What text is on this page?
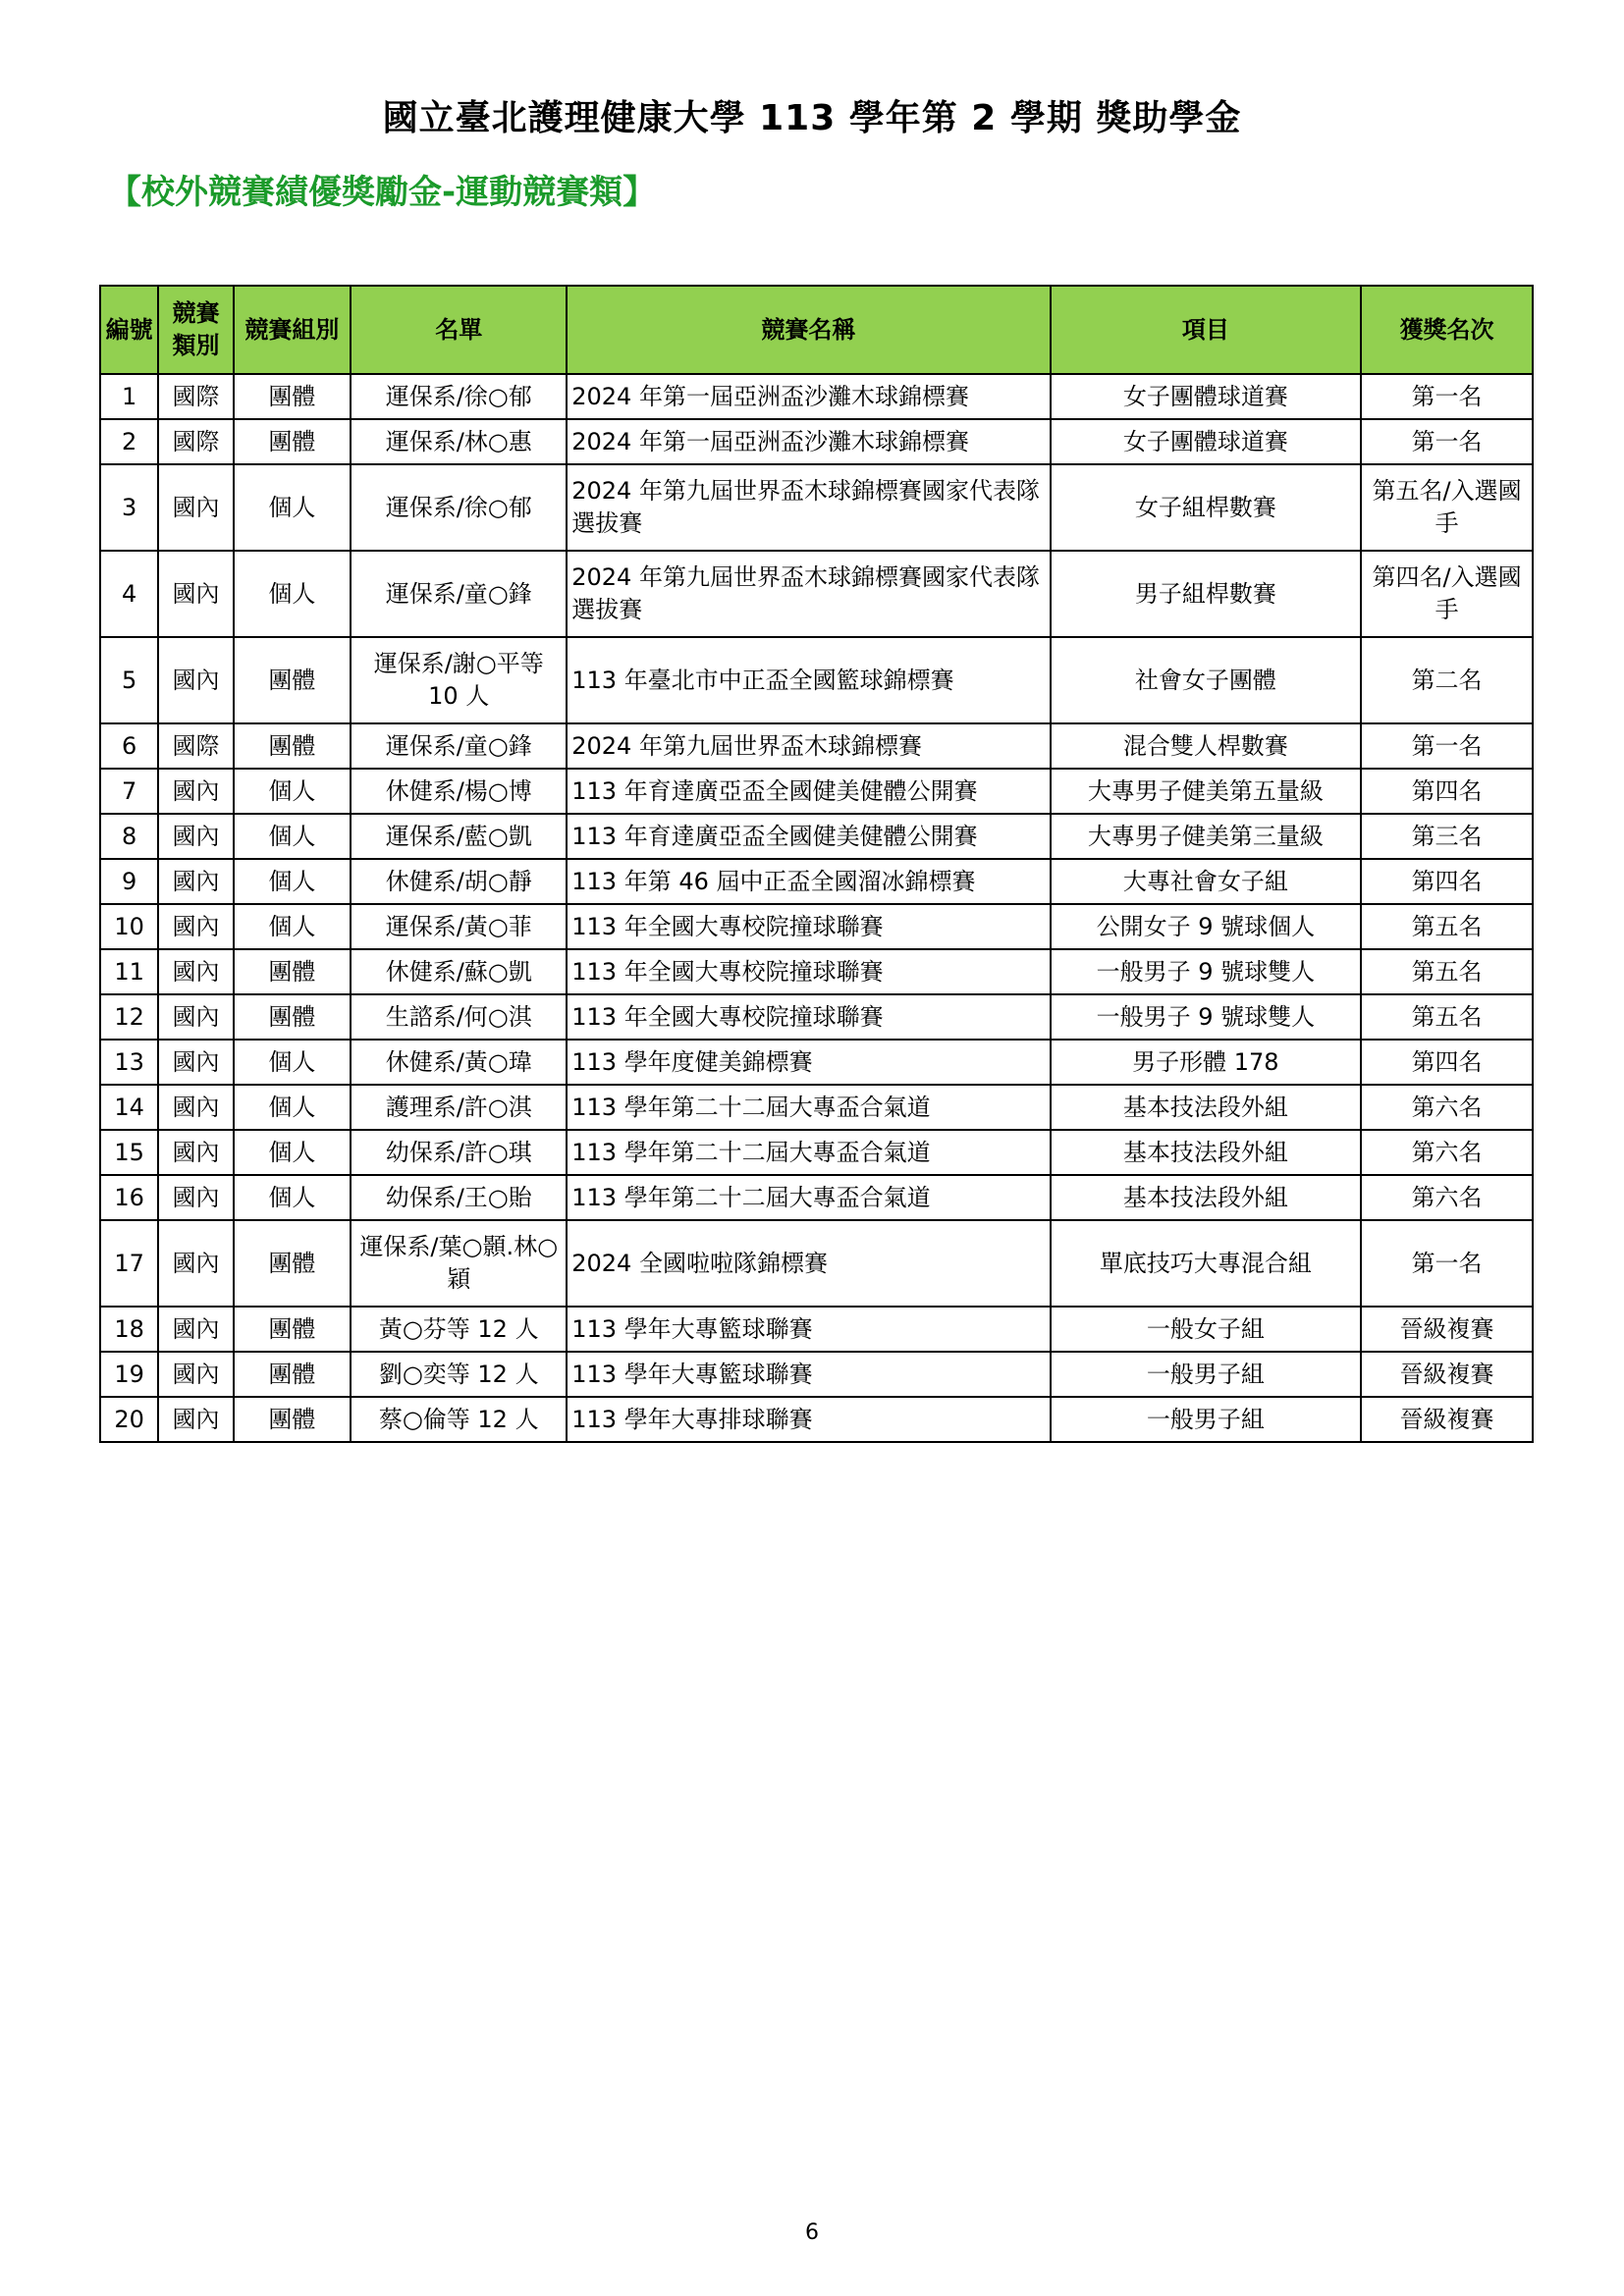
國立臺北護理健康大學 113 學年第 2 學期 獎助學金
【校外競賽績優獎勵金-運動競賽類】
編號	競賽類別	競賽組別	名單	競賽名稱	項目	獲獎名次
1	國際	團體	運保系/徐○郁	2024 年第一屆亞洲盃沙灘木球錦標賽	女子團體球道賽	第一名
2	國際	團體	運保系/林○惠	2024 年第一屆亞洲盃沙灘木球錦標賽	女子團體球道賽	第一名
3	國內	個人	運保系/徐○郁	2024 年第九屆世界盃木球錦標賽國家代表隊選拔賽	女子組桿數賽	第五名/入選國手
4	國內	個人	運保系/童○鋒	2024 年第九屆世界盃木球錦標賽國家代表隊選拔賽	男子組桿數賽	第四名/入選國手
5	國內	團體	運保系/謝○平等 10 人	113 年臺北市中正盃全國籃球錦標賽	社會女子團體	第二名
6	國際	團體	運保系/童○鋒	2024 年第九屆世界盃木球錦標賽	混合雙人桿數賽	第一名
7	國內	個人	休健系/楊○博	113 年育達廣亞盃全國健美健體公開賽	大專男子健美第五量級	第四名
8	國內	個人	運保系/藍○凱	113 年育達廣亞盃全國健美健體公開賽	大專男子健美第三量級	第三名
9	國內	個人	休健系/胡○靜	113 年第 46 屆中正盃全國溜冰錦標賽	大專社會女子組	第四名
10	國內	個人	運保系/黃○菲	113 年全國大專校院撞球聯賽	公開女子 9 號球個人	第五名
11	國內	團體	休健系/蘇○凱	113 年全國大專校院撞球聯賽	一般男子 9 號球雙人	第五名
12	國內	團體	生諮系/何○淇	113 年全國大專校院撞球聯賽	一般男子 9 號球雙人	第五名
13	國內	個人	休健系/黃○瑋	113 學年度健美錦標賽	男子形體 178	第四名
14	國內	個人	護理系/許○淇	113 學年第二十二屆大專盃合氣道	基本技法段外組	第六名
15	國內	個人	幼保系/許○琪	113 學年第二十二屆大專盃合氣道	基本技法段外組	第六名
16	國內	個人	幼保系/王○貽	113 學年第二十二屆大專盃合氣道	基本技法段外組	第六名
17	國內	團體	運保系/葉○顥.林○穎	2024 全國啦啦隊錦標賽	單底技巧大專混合組	第一名
18	國內	團體	黃○芬等 12 人	113 學年大專籃球聯賽	一般女子組	晉級複賽
19	國內	團體	劉○奕等 12 人	113 學年大專籃球聯賽	一般男子組	晉級複賽
20	國內	團體	蔡○倫等 12 人	113 學年大專排球聯賽	一般男子組	晉級複賽
6
